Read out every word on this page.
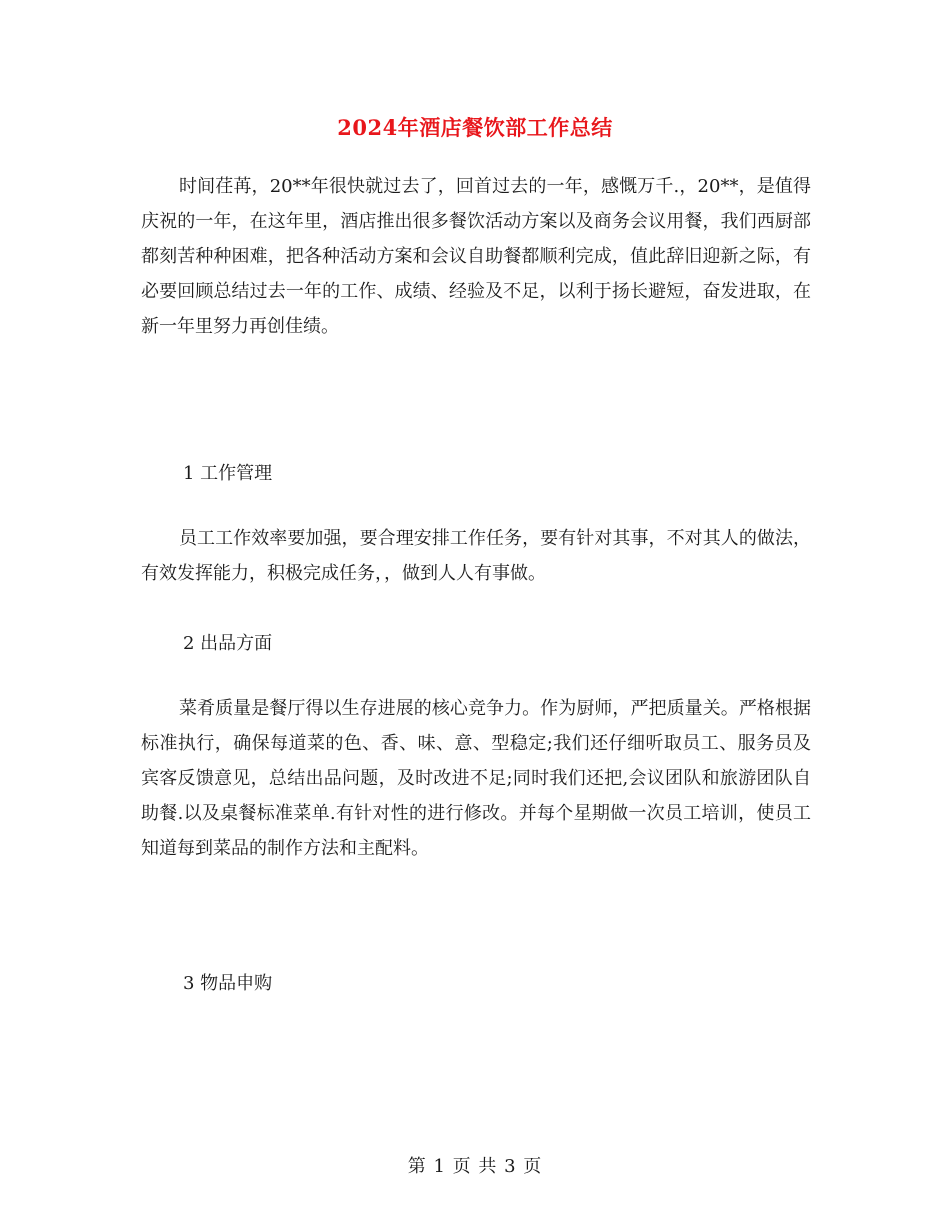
2024年酒店餐饮部工作总结

时间荏苒，20**年很快就过去了，回首过去的一年，感慨万千.，20**，是值得庆祝的一年，在这年里，酒店推出很多餐饮活动方案以及商务会议用餐，我们西厨部都刻苦种种困难，把各种活动方案和会议自助餐都顺利完成，值此辞旧迎新之际，有必要回顾总结过去一年的工作、成绩、经验及不足，以利于扬长避短，奋发进取，在新一年里努力再创佳绩。

1 工作管理

员工工作效率要加强，要合理安排工作任务，要有针对其事，不对其人的做法，有效发挥能力，积极完成任务，，做到人人有事做。

2 出品方面

菜肴质量是餐厅得以生存进展的核心竞争力。作为厨师，严把质量关。严格根据标准执行，确保每道菜的色、香、味、意、型稳定;我们还仔细听取员工、服务员及宾客反馈意见，总结出品问题，及时改进不足;同时我们还把,会议团队和旅游团队自助餐.以及桌餐标准菜单.有针对性的进行修改。并每个星期做一次员工培训，使员工知道每到菜品的制作方法和主配料。

3 物品申购

第 1 页 共 3 页
